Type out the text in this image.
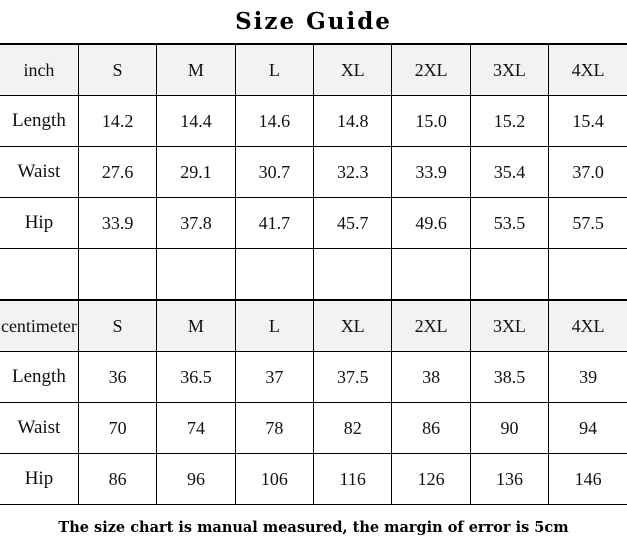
Size Guide
inch	S	M	L	XL	2XL	3XL	4XL
Length	14.2	14.4	14.6	14.8	15.0	15.2	15.4
Waist	27.6	29.1	30.7	32.3	33.9	35.4	37.0
Hip	33.9	37.8	41.7	45.7	49.6	53.5	57.5

centimeter	S	M	L	XL	2XL	3XL	4XL
Length	36	36.5	37	37.5	38	38.5	39
Waist	70	74	78	82	86	90	94
Hip	86	96	106	116	126	136	146
The size chart is manual measured, the margin of error is 5cm
